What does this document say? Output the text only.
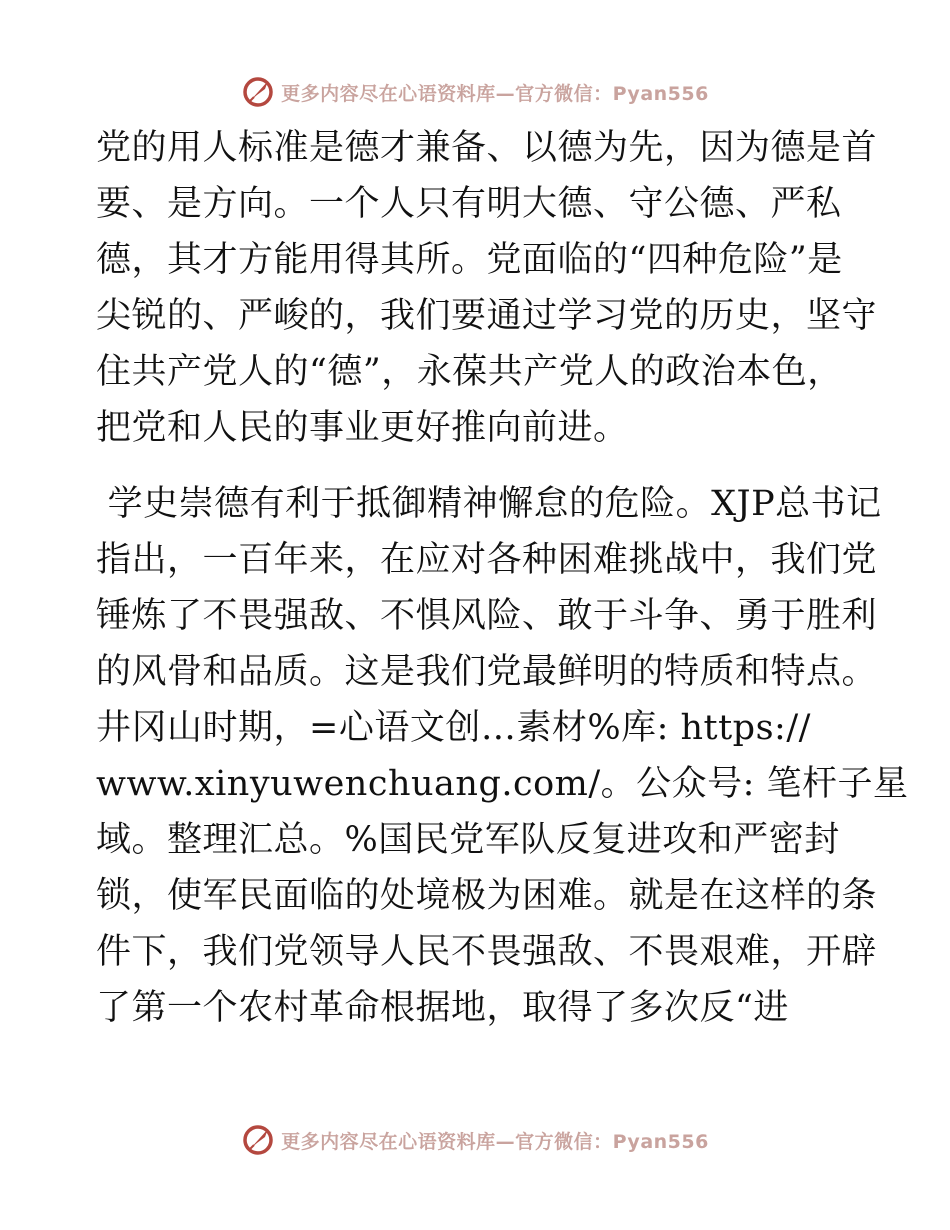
更多内容尽在心语资料库—官方微信：Pyan556
党的用人标准是德才兼备、以德为先，因为德是首
要、是方向。一个人只有明大德、守公德、严私
德，其才方能用得其所。党面临的“四种危险”是
尖锐的、严峻的，我们要通过学习党的历史，坚守
住共产党人的“德”，永葆共产党人的政治本色，
把党和人民的事业更好推向前进。
学史崇德有利于抵御精神懈怠的危险。XJP总书记
指出，一百年来，在应对各种困难挑战中，我们党
锤炼了不畏强敌、不惧风险、敢于斗争、勇于胜利
的风骨和品质。这是我们党最鲜明的特质和特点。
井冈山时期，=心语文创…素材%库: https://
www.xinyuwenchuang.com/。公众号: 笔杆子星
域。整理汇总。%国民党军队反复进攻和严密封
锁，使军民面临的处境极为困难。就是在这样的条
件下，我们党领导人民不畏强敌、不畏艰难，开辟
了第一个农村革命根据地，取得了多次反“进
更多内容尽在心语资料库—官方微信：Pyan556
